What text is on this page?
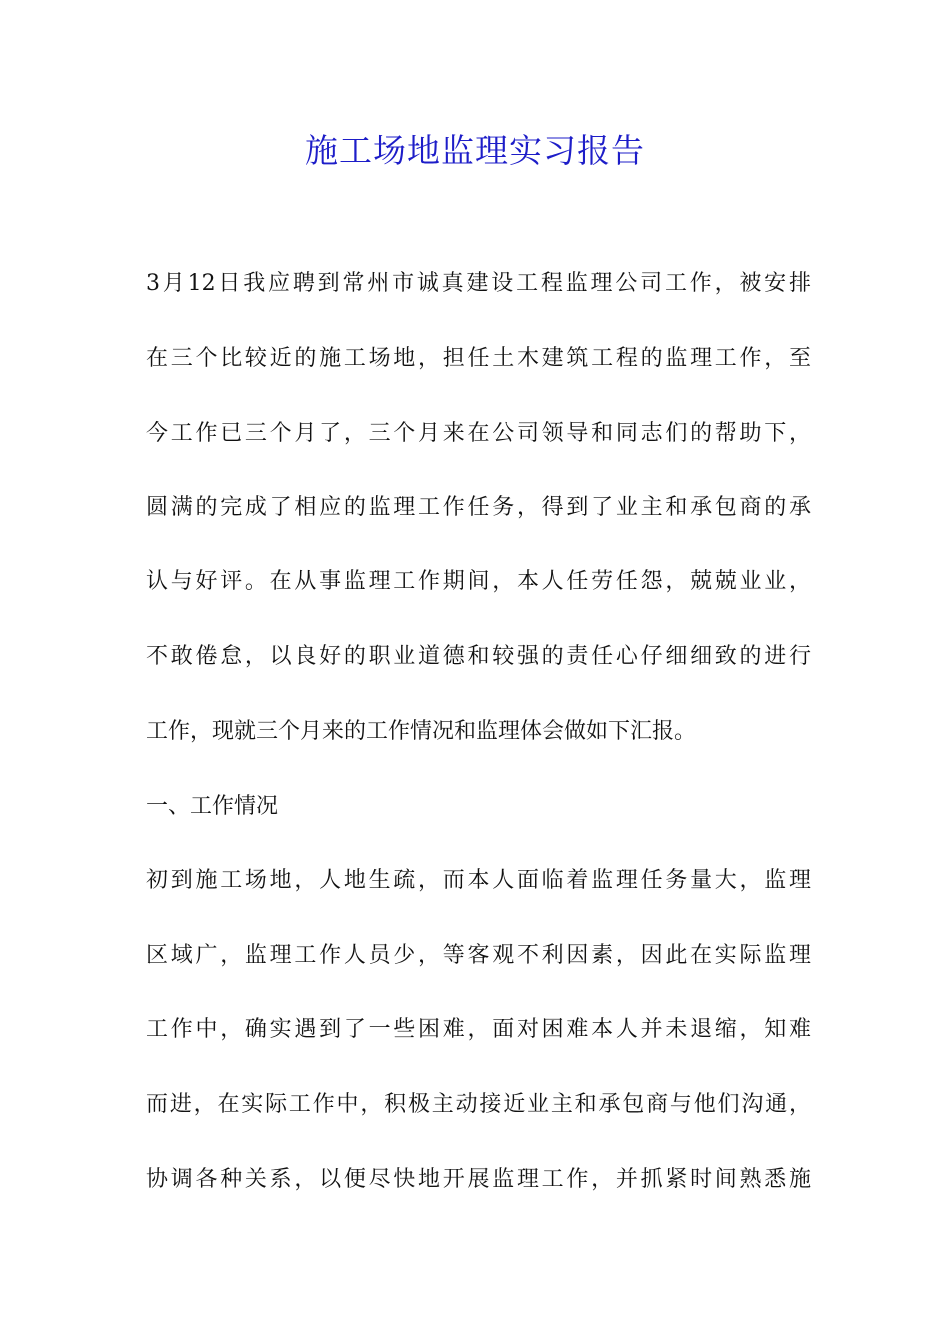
施工场地监理实习报告

3月12日我应聘到常州市诚真建设工程监理公司工作，被安排

在三个比较近的施工场地，担任土木建筑工程的监理工作，至

今工作已三个月了，三个月来在公司领导和同志们的帮助下，

圆满的完成了相应的监理工作任务，得到了业主和承包商的承

认与好评。在从事监理工作期间，本人任劳任怨，兢兢业业，

不敢倦怠，以良好的职业道德和较强的责任心仔细细致的进行

工作，现就三个月来的工作情况和监理体会做如下汇报。

一、工作情况

初到施工场地，人地生疏，而本人面临着监理任务量大，监理

区域广，监理工作人员少，等客观不利因素，因此在实际监理

工作中，确实遇到了一些困难，面对困难本人并未退缩，知难

而进，在实际工作中，积极主动接近业主和承包商与他们沟通，

协调各种关系，以便尽快地开展监理工作，并抓紧时间熟悉施
